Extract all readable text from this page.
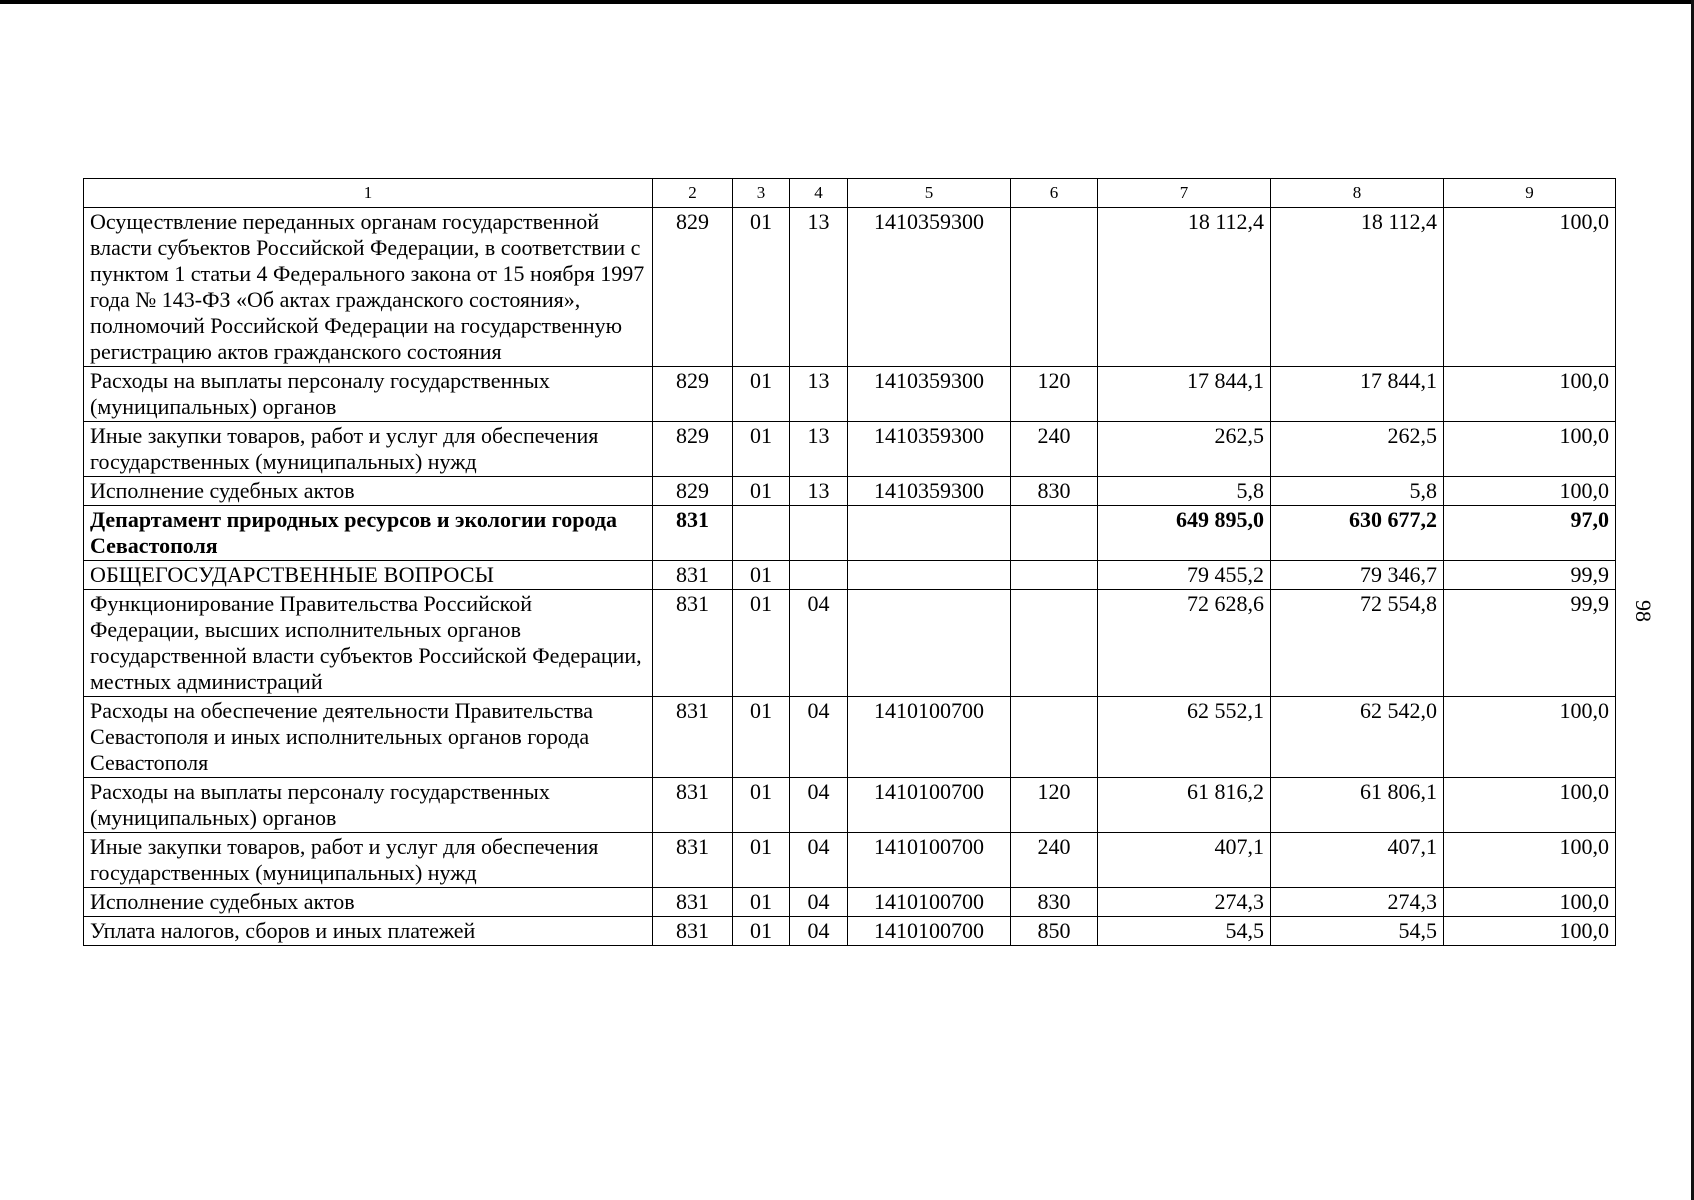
98
1	2	3	4	5	6	7	8	9
Осуществление переданных органам государственной власти субъектов Российской Федерации, в соответствии с пунктом 1 статьи 4 Федерального закона от 15 ноября 1997 года № 143-ФЗ «Об актах гражданского состояния», полномочий Российской Федерации на государственную регистрацию актов гражданского состояния	829	01	13	1410359300		18 112,4	18 112,4	100,0
Расходы на выплаты персоналу государственных (муниципальных) органов	829	01	13	1410359300	120	17 844,1	17 844,1	100,0
Иные закупки товаров, работ и услуг для обеспечения государственных (муниципальных) нужд	829	01	13	1410359300	240	262,5	262,5	100,0
Исполнение судебных актов	829	01	13	1410359300	830	5,8	5,8	100,0
Департамент природных ресурсов и экологии города Севастополя	831					649 895,0	630 677,2	97,0
ОБЩЕГОСУДАРСТВЕННЫЕ ВОПРОСЫ	831	01				79 455,2	79 346,7	99,9
Функционирование Правительства Российской Федерации, высших исполнительных органов государственной власти субъектов Российской Федерации, местных администраций	831	01	04			72 628,6	72 554,8	99,9
Расходы на обеспечение деятельности Правительства Севастополя и иных исполнительных органов города Севастополя	831	01	04	1410100700		62 552,1	62 542,0	100,0
Расходы на выплаты персоналу государственных (муниципальных) органов	831	01	04	1410100700	120	61 816,2	61 806,1	100,0
Иные закупки товаров, работ и услуг для обеспечения государственных (муниципальных) нужд	831	01	04	1410100700	240	407,1	407,1	100,0
Исполнение судебных актов	831	01	04	1410100700	830	274,3	274,3	100,0
Уплата налогов, сборов и иных платежей	831	01	04	1410100700	850	54,5	54,5	100,0
